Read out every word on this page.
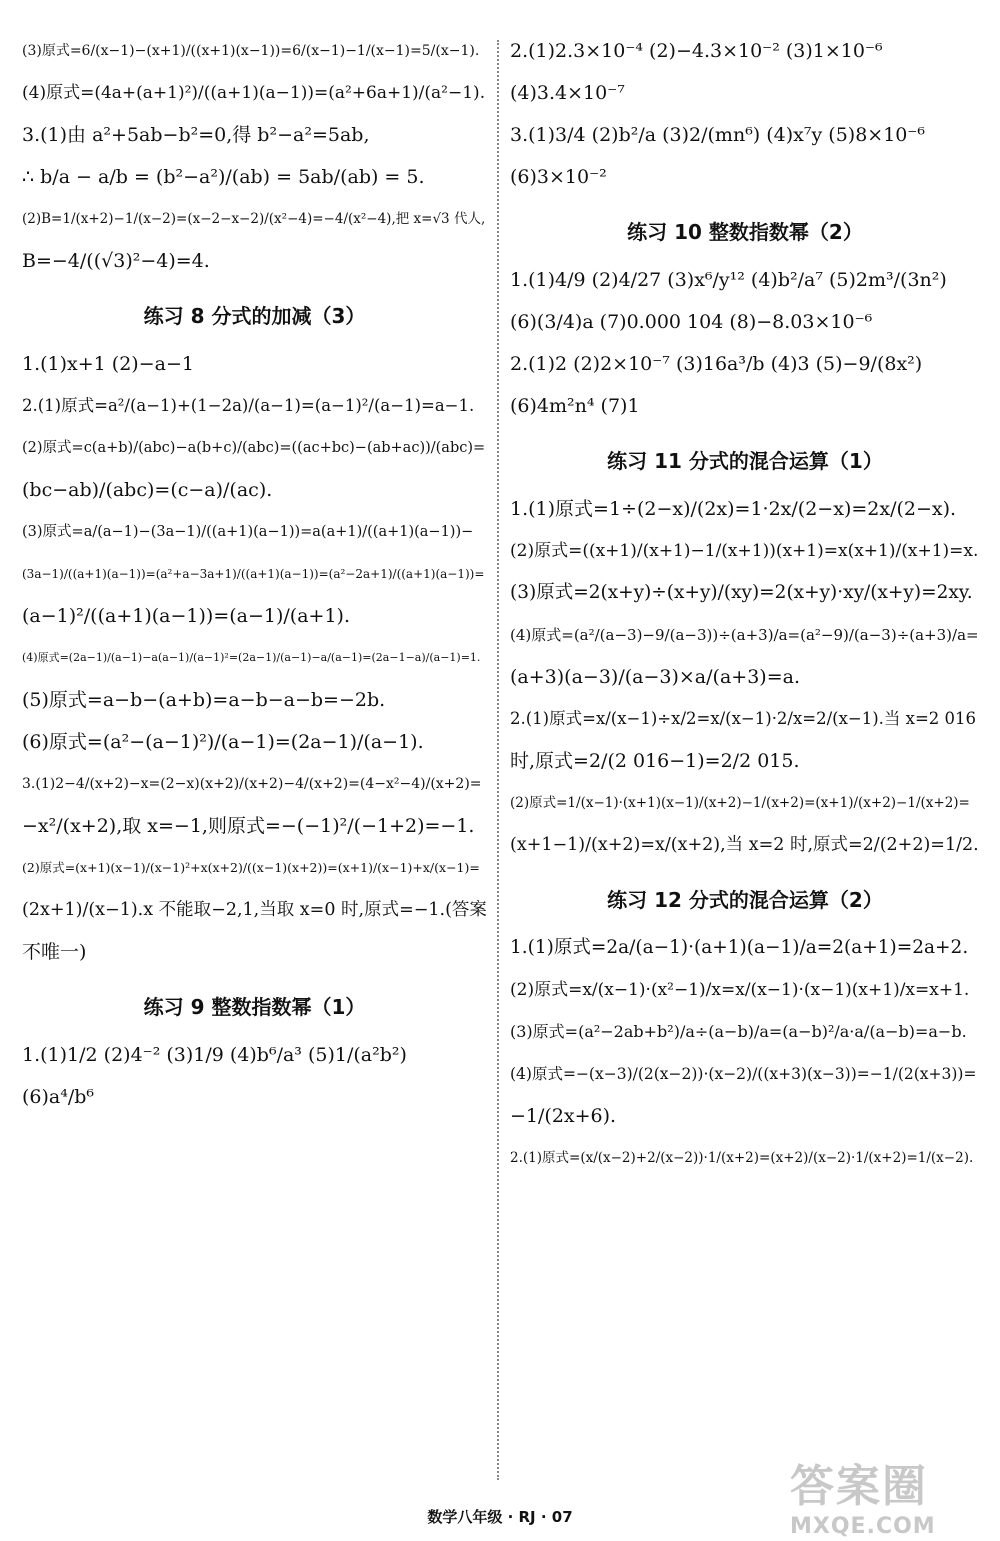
(3)原式=6/(x−1)−(x+1)/((x+1)(x−1))=6/(x−1)−1/(x−1)=5/(x−1).
(4)原式=(4a+(a+1)²)/((a+1)(a−1))=(a²+6a+1)/(a²−1).
3.(1)由 a²+5ab−b²=0,得 b²−a²=5ab,
∴ b/a − a/b = (b²−a²)/(ab) = 5ab/(ab) = 5.
(2)B=1/(x+2)−1/(x−2)=(x−2−x−2)/(x²−4)=−4/(x²−4),把 x=√3 代人,
B=−4/((√3)²−4)=4.
练习 8 分式的加减（3）
1.(1)x+1 (2)−a−1
2.(1)原式=a²/(a−1)+(1−2a)/(a−1)=(a−1)²/(a−1)=a−1.
(2)原式=c(a+b)/(abc)−a(b+c)/(abc)=((ac+bc)−(ab+ac))/(abc)=
(bc−ab)/(abc)=(c−a)/(ac).
(3)原式=a/(a−1)−(3a−1)/((a+1)(a−1))=a(a+1)/((a+1)(a−1))−
(3a−1)/((a+1)(a−1))=(a²+a−3a+1)/((a+1)(a−1))=(a²−2a+1)/((a+1)(a−1))=
(a−1)²/((a+1)(a−1))=(a−1)/(a+1).
(4)原式=(2a−1)/(a−1)−a(a−1)/(a−1)²=(2a−1)/(a−1)−a/(a−1)=(2a−1−a)/(a−1)=1.
(5)原式=a−b−(a+b)=a−b−a−b=−2b.
(6)原式=(a²−(a−1)²)/(a−1)=(2a−1)/(a−1).
3.(1)2−4/(x+2)−x=(2−x)(x+2)/(x+2)−4/(x+2)=(4−x²−4)/(x+2)=
−x²/(x+2),取 x=−1,则原式=−(−1)²/(−1+2)=−1.
(2)原式=(x+1)(x−1)/(x−1)²+x(x+2)/((x−1)(x+2))=(x+1)/(x−1)+x/(x−1)=
(2x+1)/(x−1).x 不能取−2,1,当取 x=0 时,原式=−1.(答案
不唯一)
练习 9 整数指数幂（1）
1.(1)1/2 (2)4⁻² (3)1/9 (4)b⁶/a³ (5)1/(a²b²)
(6)a⁴/b⁶
2.(1)2.3×10⁻⁴ (2)−4.3×10⁻² (3)1×10⁻⁶
(4)3.4×10⁻⁷
3.(1)3/4 (2)b²/a (3)2/(mn⁶) (4)x⁷y (5)8×10⁻⁶
(6)3×10⁻²
练习 10 整数指数幂（2）
1.(1)4/9 (2)4/27 (3)x⁶/y¹² (4)b²/a⁷ (5)2m³/(3n²)
(6)(3/4)a (7)0.000 104 (8)−8.03×10⁻⁶
2.(1)2 (2)2×10⁻⁷ (3)16a³/b (4)3 (5)−9/(8x²)
(6)4m²n⁴ (7)1
练习 11 分式的混合运算（1）
1.(1)原式=1÷(2−x)/(2x)=1·2x/(2−x)=2x/(2−x).
(2)原式=((x+1)/(x+1)−1/(x+1))(x+1)=x(x+1)/(x+1)=x.
(3)原式=2(x+y)÷(x+y)/(xy)=2(x+y)·xy/(x+y)=2xy.
(4)原式=(a²/(a−3)−9/(a−3))÷(a+3)/a=(a²−9)/(a−3)÷(a+3)/a=
(a+3)(a−3)/(a−3)×a/(a+3)=a.
2.(1)原式=x/(x−1)÷x/2=x/(x−1)·2/x=2/(x−1).当 x=2 016
时,原式=2/(2 016−1)=2/2 015.
(2)原式=1/(x−1)·(x+1)(x−1)/(x+2)−1/(x+2)=(x+1)/(x+2)−1/(x+2)=
(x+1−1)/(x+2)=x/(x+2),当 x=2 时,原式=2/(2+2)=1/2.
练习 12 分式的混合运算（2）
1.(1)原式=2a/(a−1)·(a+1)(a−1)/a=2(a+1)=2a+2.
(2)原式=x/(x−1)·(x²−1)/x=x/(x−1)·(x−1)(x+1)/x=x+1.
(3)原式=(a²−2ab+b²)/a÷(a−b)/a=(a−b)²/a·a/(a−b)=a−b.
(4)原式=−(x−3)/(2(x−2))·(x−2)/((x+3)(x−3))=−1/(2(x+3))=
−1/(2x+6).
2.(1)原式=(x/(x−2)+2/(x−2))·1/(x+2)=(x+2)/(x−2)·1/(x+2)=1/(x−2).
数学八年级 · RJ · 07
答案圈
MXQE.COM
